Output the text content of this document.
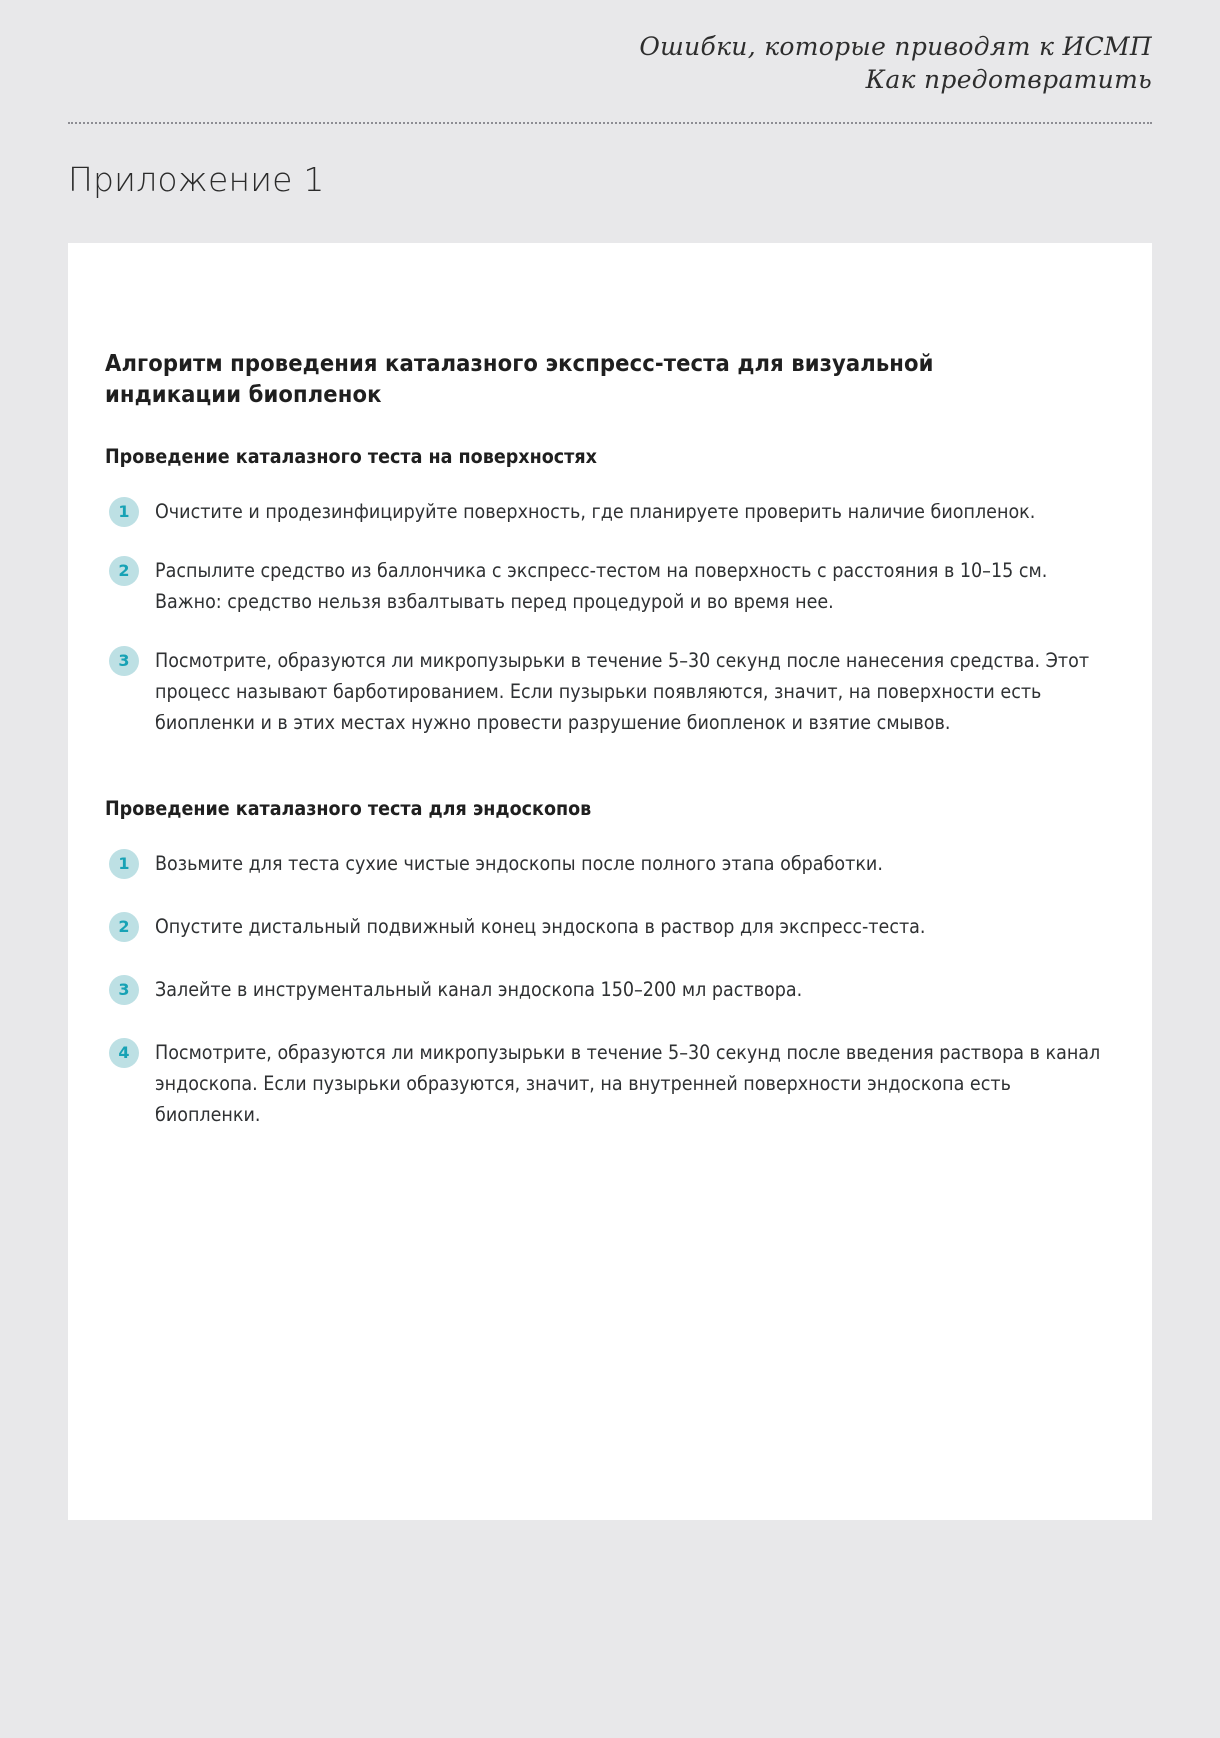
Ошибки, которые приводят к ИСМП
Как предотвратить
Приложение 1
Алгоритм проведения каталазного экспресс-теста для визуальной индикации биопленок
Проведение каталазного теста на поверхностях
1	Очистите и продезинфицируйте поверхность, где планируете проверить наличие биопленок.
2	Распылите средство из баллончика с экспресс-тестом на поверхность с расстояния в 10–15 см. Важно: средство нельзя взбалтывать перед процедурой и во время нее.
3	Посмотрите, образуются ли микропузырьки в течение 5–30 секунд после нанесения средства. Этот процесс называют барботированием. Если пузырьки появляются, значит, на поверхности есть биопленки и в этих местах нужно провести разрушение биопленок и взятие смывов.
Проведение каталазного теста для эндоскопов
1	Возьмите для теста сухие чистые эндоскопы после полного этапа обработки.
2	Опустите дистальный подвижный конец эндоскопа в раствор для экспресс-теста.
3	Залейте в инструментальный канал эндоскопа 150–200 мл раствора.
4	Посмотрите, образуются ли микропузырьки в течение 5–30 секунд после введения раствора в канал эндоскопа. Если пузырьки образуются, значит, на внутренней поверхности эндоскопа есть биопленки.
